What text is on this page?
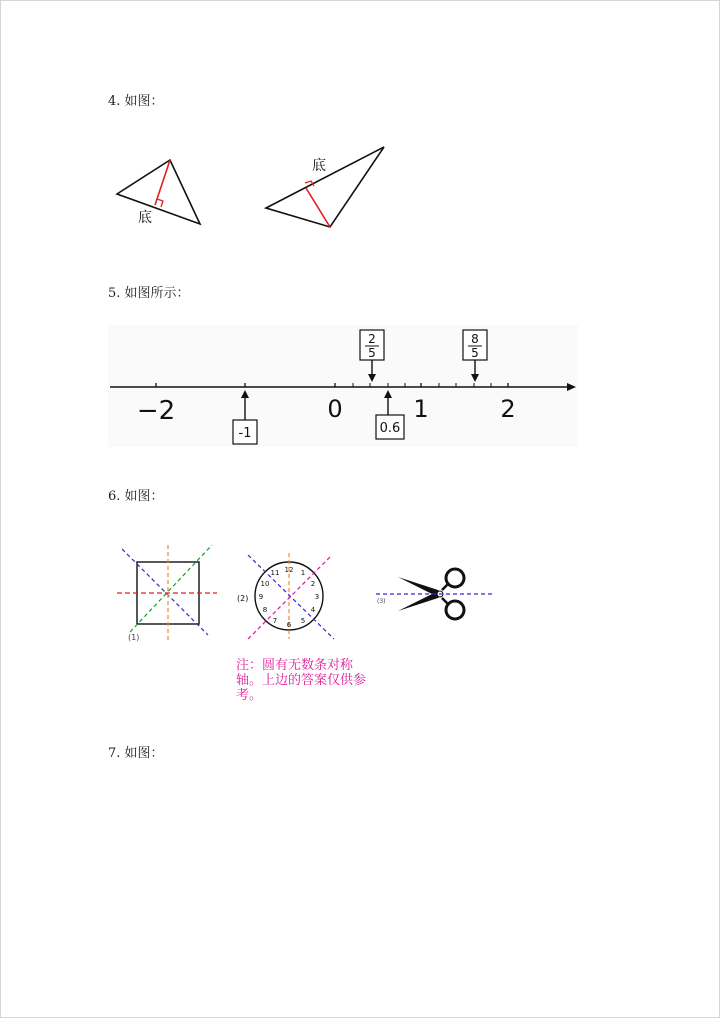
4. 如图：
底
底
5. 如图所示：
−2	0	1	2
-1	0.6
2
5
8
5
6. 如图：
(1)
12 1
2
3
4
5
6
7
8
9
10
11
(2)	(3)
注：圆有无数条对称轴。上边的答案仅供参考。
7. 如图：
